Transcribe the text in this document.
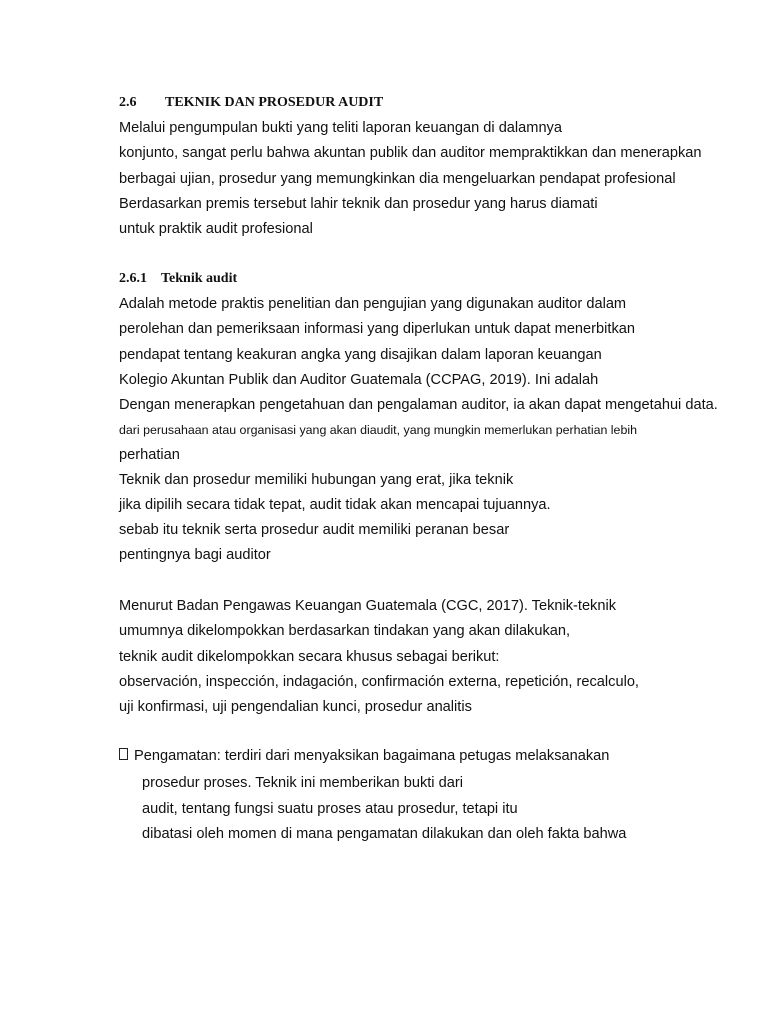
2.6 TEKNIK DAN PROSEDUR AUDIT
Melalui pengumpulan bukti yang teliti laporan keuangan di dalamnya
konjunto, sangat perlu bahwa akuntan publik dan auditor mempraktikkan dan menerapkan
berbagai ujian, prosedur yang memungkinkan dia mengeluarkan pendapat profesional
Berdasarkan premis tersebut lahir teknik dan prosedur yang harus diamati
untuk praktik audit profesional
2.6.1 Teknik audit
Adalah metode praktis penelitian dan pengujian yang digunakan auditor dalam
perolehan dan pemeriksaan informasi yang diperlukan untuk dapat menerbitkan
pendapat tentang keakuran angka yang disajikan dalam laporan keuangan
Kolegio Akuntan Publik dan Auditor Guatemala (CCPAG, 2019). Ini adalah
Dengan menerapkan pengetahuan dan pengalaman auditor, ia akan dapat mengetahui data.
dari perusahaan atau organisasi yang akan diaudit, yang mungkin memerlukan perhatian lebih
perhatian
Teknik dan prosedur memiliki hubungan yang erat, jika teknik
jika dipilih secara tidak tepat, audit tidak akan mencapai tujuannya.
sebab itu teknik serta prosedur audit memiliki peranan besar
pentingnya bagi auditor
Menurut Badan Pengawas Keuangan Guatemala (CGC, 2017). Teknik-teknik
umumnya dikelompokkan berdasarkan tindakan yang akan dilakukan,
teknik audit dikelompokkan secara khusus sebagai berikut:
observación, inspección, indagación, confirmación externa, repetición, recalculo,
uji konfirmasi, uji pengendalian kunci, prosedur analitis
Pengamatan: terdiri dari menyaksikan bagaimana petugas melaksanakan
prosedur proses. Teknik ini memberikan bukti dari
audit, tentang fungsi suatu proses atau prosedur, tetapi itu
dibatasi oleh momen di mana pengamatan dilakukan dan oleh fakta bahwa
